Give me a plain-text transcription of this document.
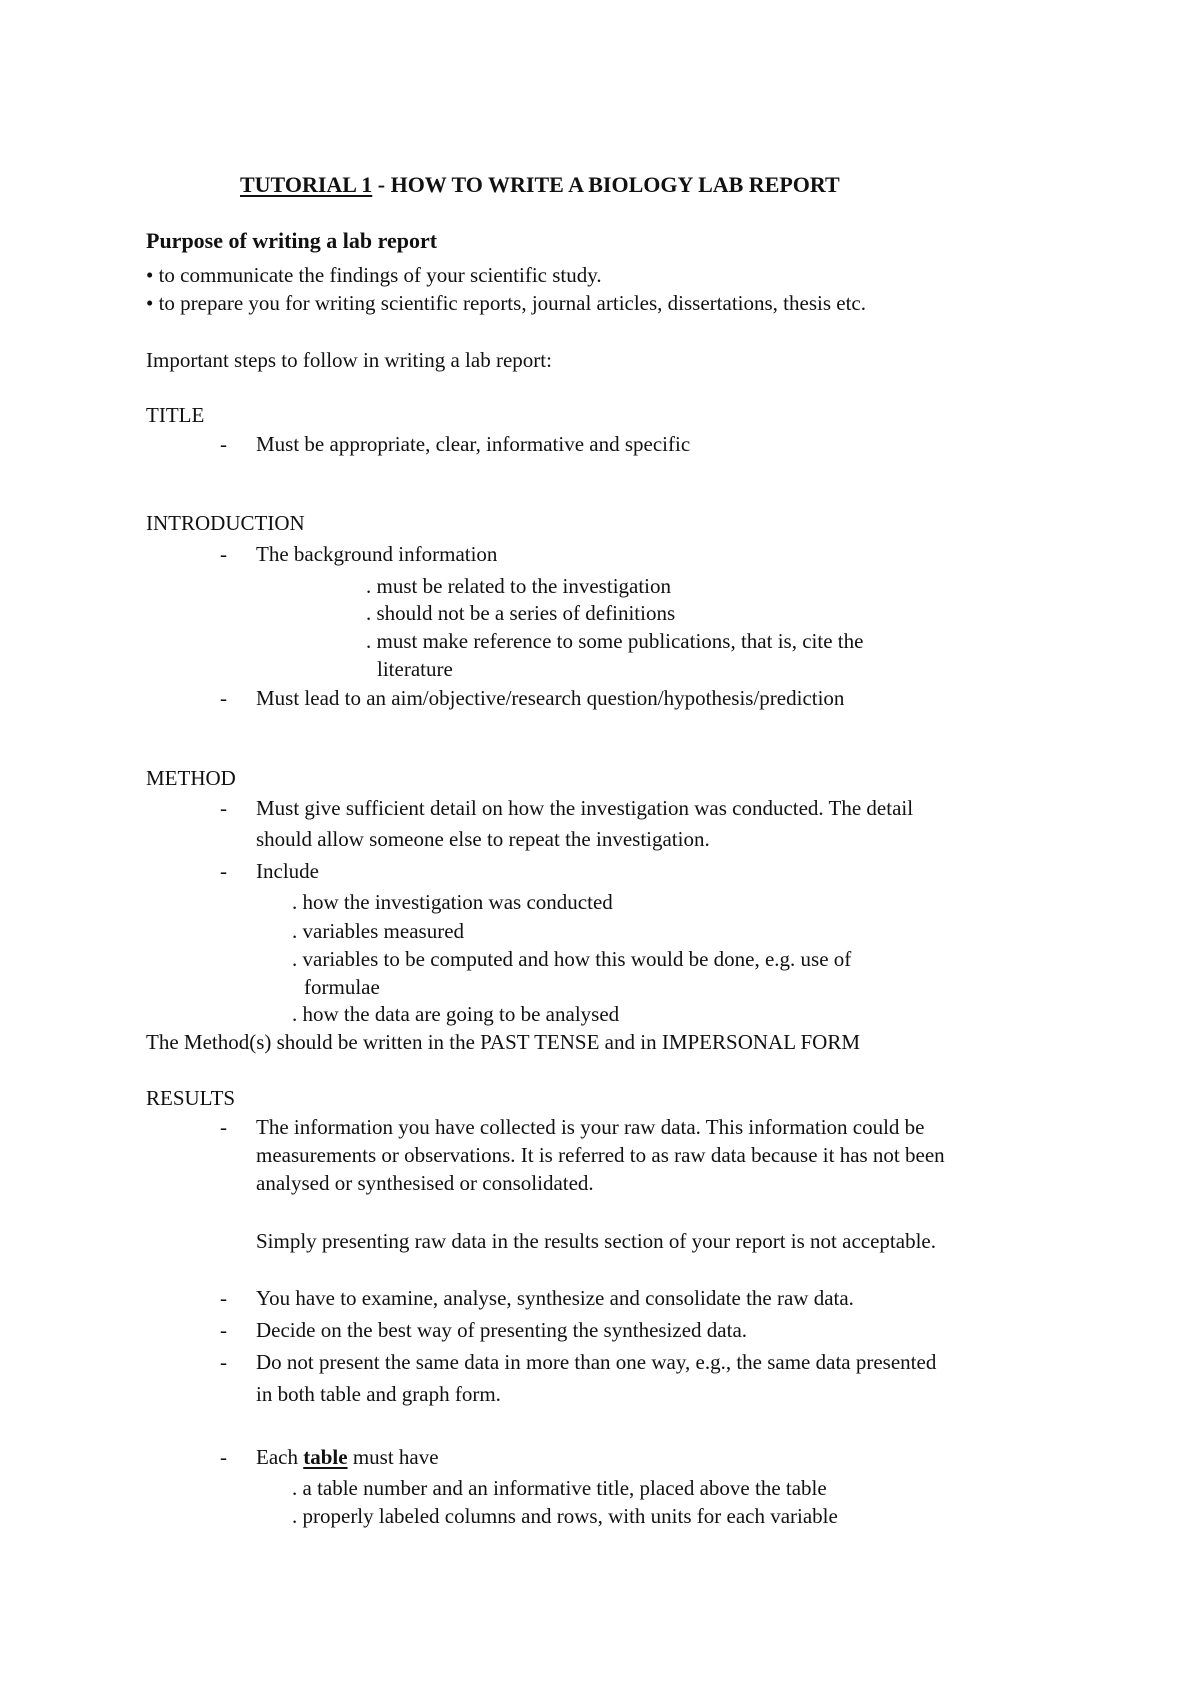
TUTORIAL 1 - HOW TO WRITE A BIOLOGY LAB REPORT
Purpose of writing a lab report
• to communicate the findings of your scientific study.
• to prepare you for writing scientific reports, journal articles, dissertations, thesis etc.
Important steps to follow in writing a lab report:
TITLE
- Must be appropriate, clear, informative and specific
INTRODUCTION
- The background information
. must be related to the investigation
. should not be a series of definitions
. must make reference to some publications, that is, cite the
literature
- Must lead to an aim/objective/research question/hypothesis/prediction
METHOD
- Must give sufficient detail on how the investigation was conducted. The detail
should allow someone else to repeat the investigation.
- Include
. how the investigation was conducted
. variables measured
. variables to be computed and how this would be done, e.g. use of
formulae
. how the data are going to be analysed
The Method(s) should be written in the PAST TENSE and in IMPERSONAL FORM
RESULTS
- The information you have collected is your raw data. This information could be
measurements or observations. It is referred to as raw data because it has not been
analysed or synthesised or consolidated.
Simply presenting raw data in the results section of your report is not acceptable.
- You have to examine, analyse, synthesize and consolidate the raw data.
- Decide on the best way of presenting the synthesized data.
- Do not present the same data in more than one way, e.g., the same data presented
in both table and graph form.
- Each table must have
. a table number and an informative title, placed above the table
. properly labeled columns and rows, with units for each variable
